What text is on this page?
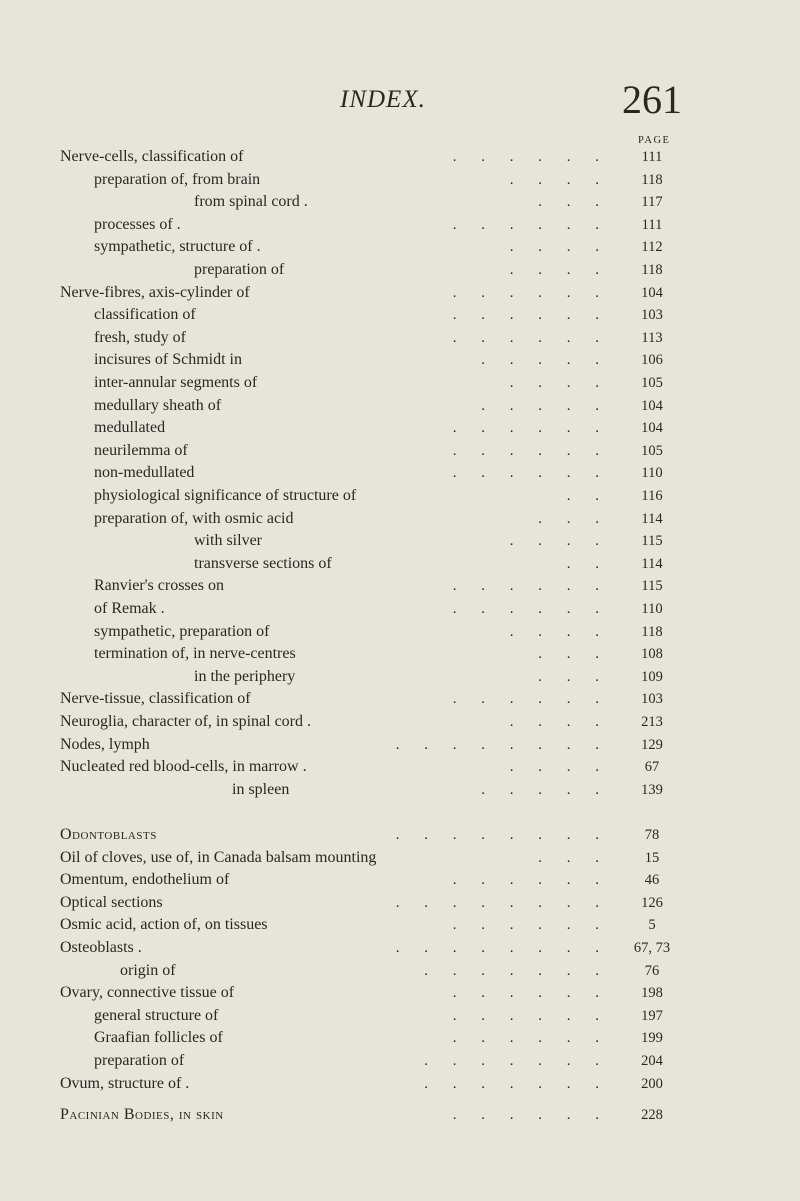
INDEX.	261
PAGE
Nerve-cells, classification of	.     .     .     .     .     .	111
preparation of, from brain	.     .     .     .	118
from spinal cord .	.     .     .	117
processes of .	.     .     .     .     .     .	111
sympathetic, structure of .	.     .     .     .	112
preparation of	.     .     .     .	118
Nerve-fibres, axis-cylinder of	.     .     .     .     .     .	104
classification of	.     .     .     .     .     .	103
fresh, study of	.     .     .     .     .     .	113
incisures of Schmidt in	.     .     .     .     .	106
inter-annular segments of	.     .     .     .	105
medullary sheath of	.     .     .     .     .	104
medullated	.     .     .     .     .     .	104
neurilemma of	.     .     .     .     .     .	105
non-medullated	.     .     .     .     .     .	110
physiological significance of structure of	.     .	116
preparation of, with osmic acid	.     .     .	114
with silver	.     .     .     .	115
transverse sections of	.     .	114
Ranvier's crosses on	.     .     .     .     .     .	115
of Remak .	.     .     .     .     .     .	110
sympathetic, preparation of	.     .     .     .	118
termination of, in nerve-centres	.     .     .	108
in the periphery	.     .     .	109
Nerve-tissue, classification of	.     .     .     .     .     .	103
Neuroglia, character of, in spinal cord .	.     .     .     .	213
Nodes, lymph	.     .     .     .     .     .     .     .	129
Nucleated red blood-cells, in marrow .	.     .     .     .	67
in spleen	.     .     .     .     .	139
Odontoblasts	.     .     .     .     .     .     .     .	78
Oil of cloves, use of, in Canada balsam mounting	.     .     .	15
Omentum, endothelium of	.     .     .     .     .     .	46
Optical sections	.     .     .     .     .     .     .     .	126
Osmic acid, action of, on tissues	.     .     .     .     .     .	5
Osteoblasts .	.     .     .     .     .     .     .     .	67, 73
origin of	.     .     .     .     .     .     .	76
Ovary, connective tissue of	.     .     .     .     .     .	198
general structure of	.     .     .     .     .     .	197
Graafian follicles of	.     .     .     .     .     .	199
preparation of	.     .     .     .     .     .     .	204
Ovum, structure of .	.     .     .     .     .     .     .	200
Pacinian Bodies, in skin	.     .     .     .     .     .	228
